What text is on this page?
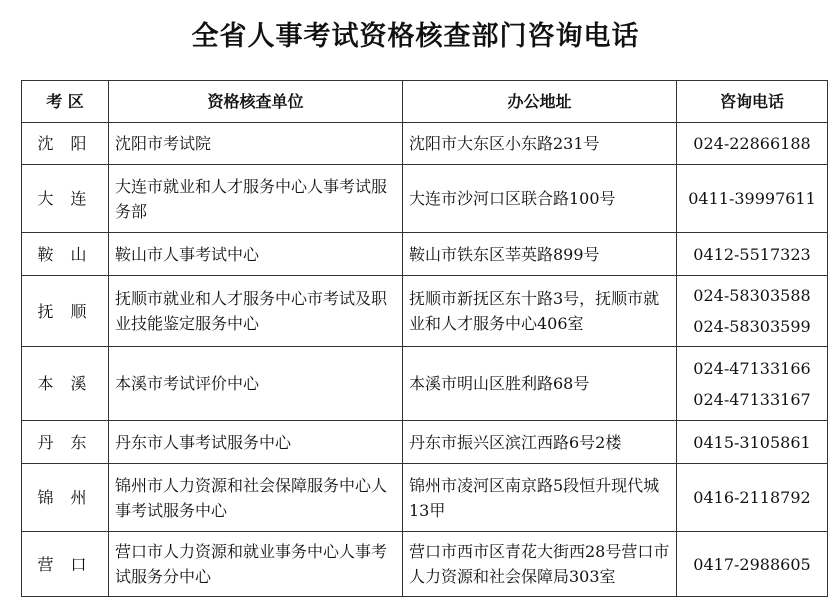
全省人事考试资格核查部门咨询电话
考 区	资格核查单位	办公地址	咨询电话
沈 阳	沈阳市考试院	沈阳市大东区小东路231号	024-22866188

大 连	大连市就业和人才服务中心人事考试服务部	大连市沙河口区联合路100号	0411-39997611

鞍 山	鞍山市人事考试中心	鞍山市铁东区莘英路899号	0412-5517323

抚 顺	抚顺市就业和人才服务中心市考试及职业技能鉴定服务中心	抚顺市新抚区东十路3号，抚顺市就业和人才服务中心406室	024-58303588
024-58303599

本 溪	本溪市考试评价中心	本溪市明山区胜利路68号	024-47133166
024-47133167

丹 东	丹东市人事考试服务中心	丹东市振兴区滨江西路6号2楼	0415-3105861

锦 州	锦州市人力资源和社会保障服务中心人事考试服务中心	锦州市凌河区南京路5段恒升现代城13甲	0416-2118792

营 口	营口市人力资源和就业事务中心人事考试服务分中心	营口市西市区青花大街西28号营口市人力资源和社会保障局303室	0417-2988605
